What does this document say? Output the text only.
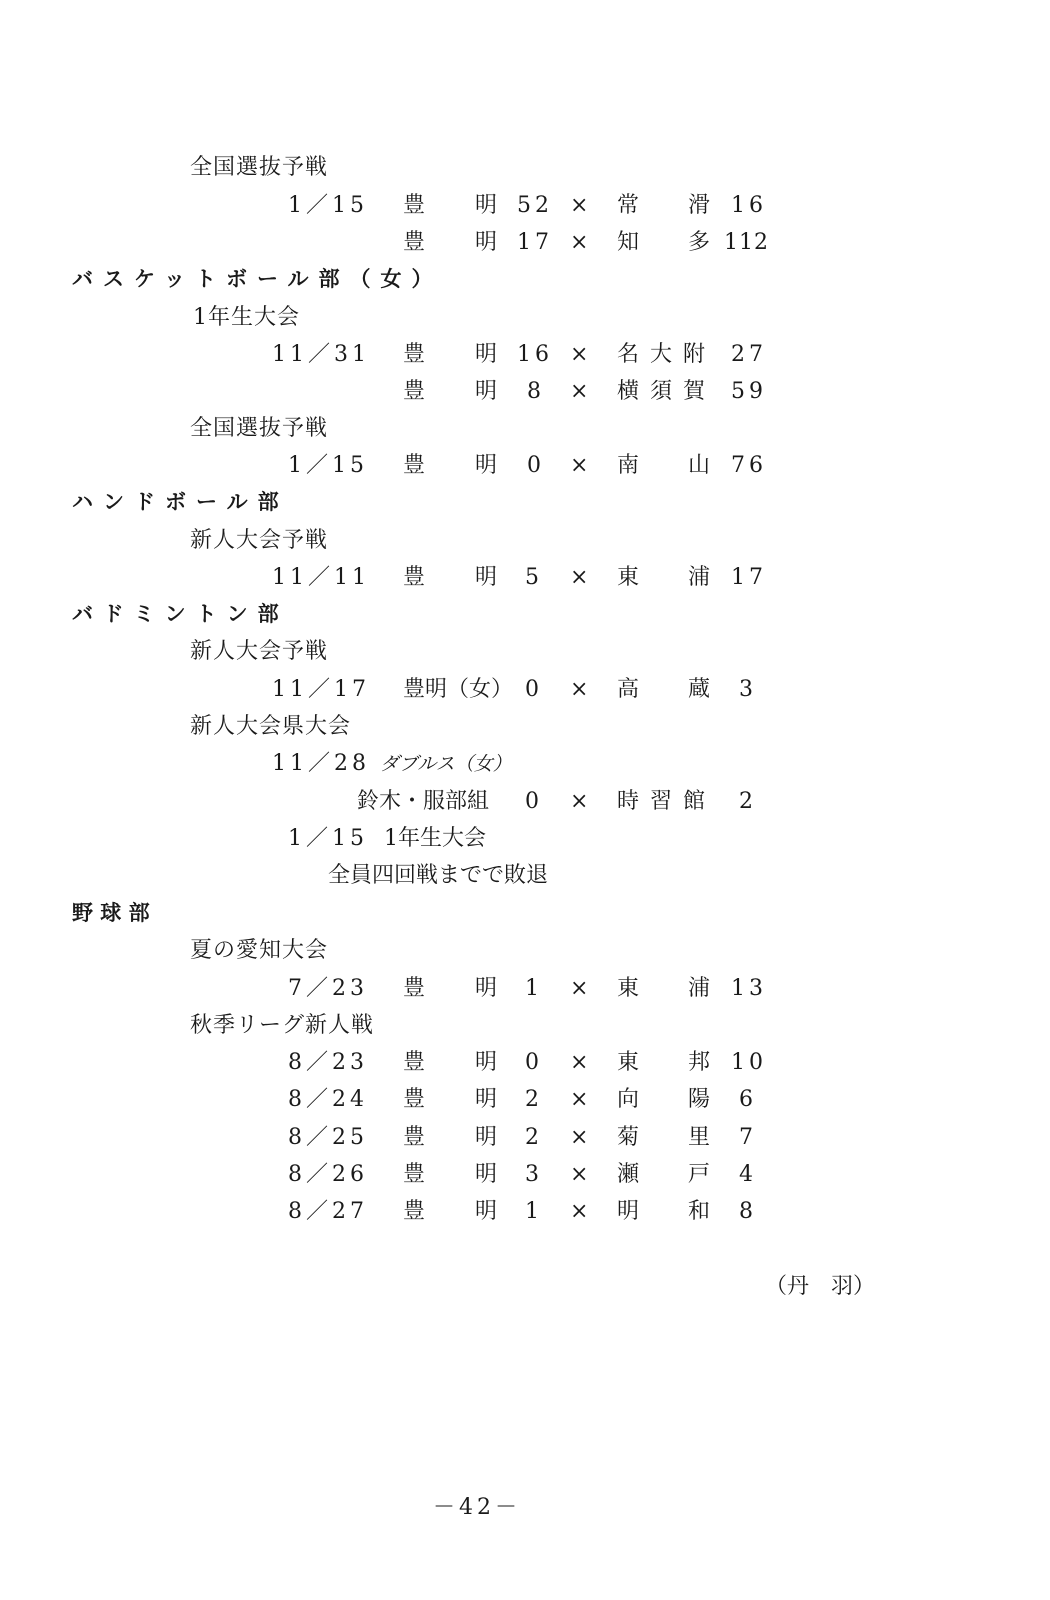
全国選抜予戦
1／15 豊 明 52 × 常 滑 16
豊 明 17 × 知 多 112
バスケットボール部（女）
1年生大会
11／31 豊 明 16 × 名 大 附 27
豊 明 8 × 横 須 賀 59
全国選抜予戦
1／15 豊 明 0 × 南 山 76
ハンドボール部
新人大会予戦
11／11 豊 明 5 × 東 浦 17
バドミントン部
新人大会予戦
11／17 豊明（女） 0 × 高 蔵 3
新人大会県大会
11／28 ダブルス（女）
鈴木・服部組 0 × 時 習 館 2
1／15 1年生大会
全員四回戦までで敗退
野 球 部
夏の愛知大会
7／23 豊 明 1 × 東 浦 13
秋季リーグ新人戦
8／23 豊 明 0 × 東 邦 10
8／24 豊 明 2 × 向 陽 6
8／25 豊 明 2 × 菊 里 7
8／26 豊 明 3 × 瀬 戸 4
8／27 豊 明 1 × 明 和 8
（丹　羽）
－42－
